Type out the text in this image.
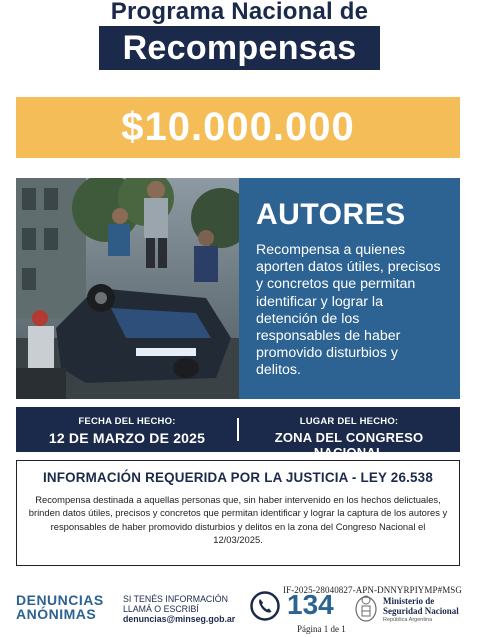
Programa Nacional de
Recompensas
$10.000.000
AUTORES
Recompensa a quienes aporten datos útiles, precisos y concretos que permitan identificar y lograr la detención de los responsables de haber promovido disturbios y delitos.
FECHA DEL HECHO:
12 DE MARZO DE 2025
LUGAR DEL HECHO:
ZONA DEL CONGRESO NACIONAL
INFORMACIÓN REQUERIDA POR LA JUSTICIA - LEY 26.538
Recompensa destinada a aquellas personas que, sin haber intervenido en los hechos delictuales, brinden datos útiles, precisos y concretos que permitan identificar y lograr la captura de los autores y responsables de haber promovido disturbios y delitos en la zona del Congreso Nacional el 12/03/2025.
DENUNCIAS
ANÓNIMAS
SI TENÉS INFORMACIÓN
LLAMÁ O ESCRIBÍ
denuncias@minseg.gob.ar 134
IF-2025-28040827-APN-DNNYRPIYMP#MSG
Página 1 de 1
Ministerio de
Seguridad Nacional
República Argentina
